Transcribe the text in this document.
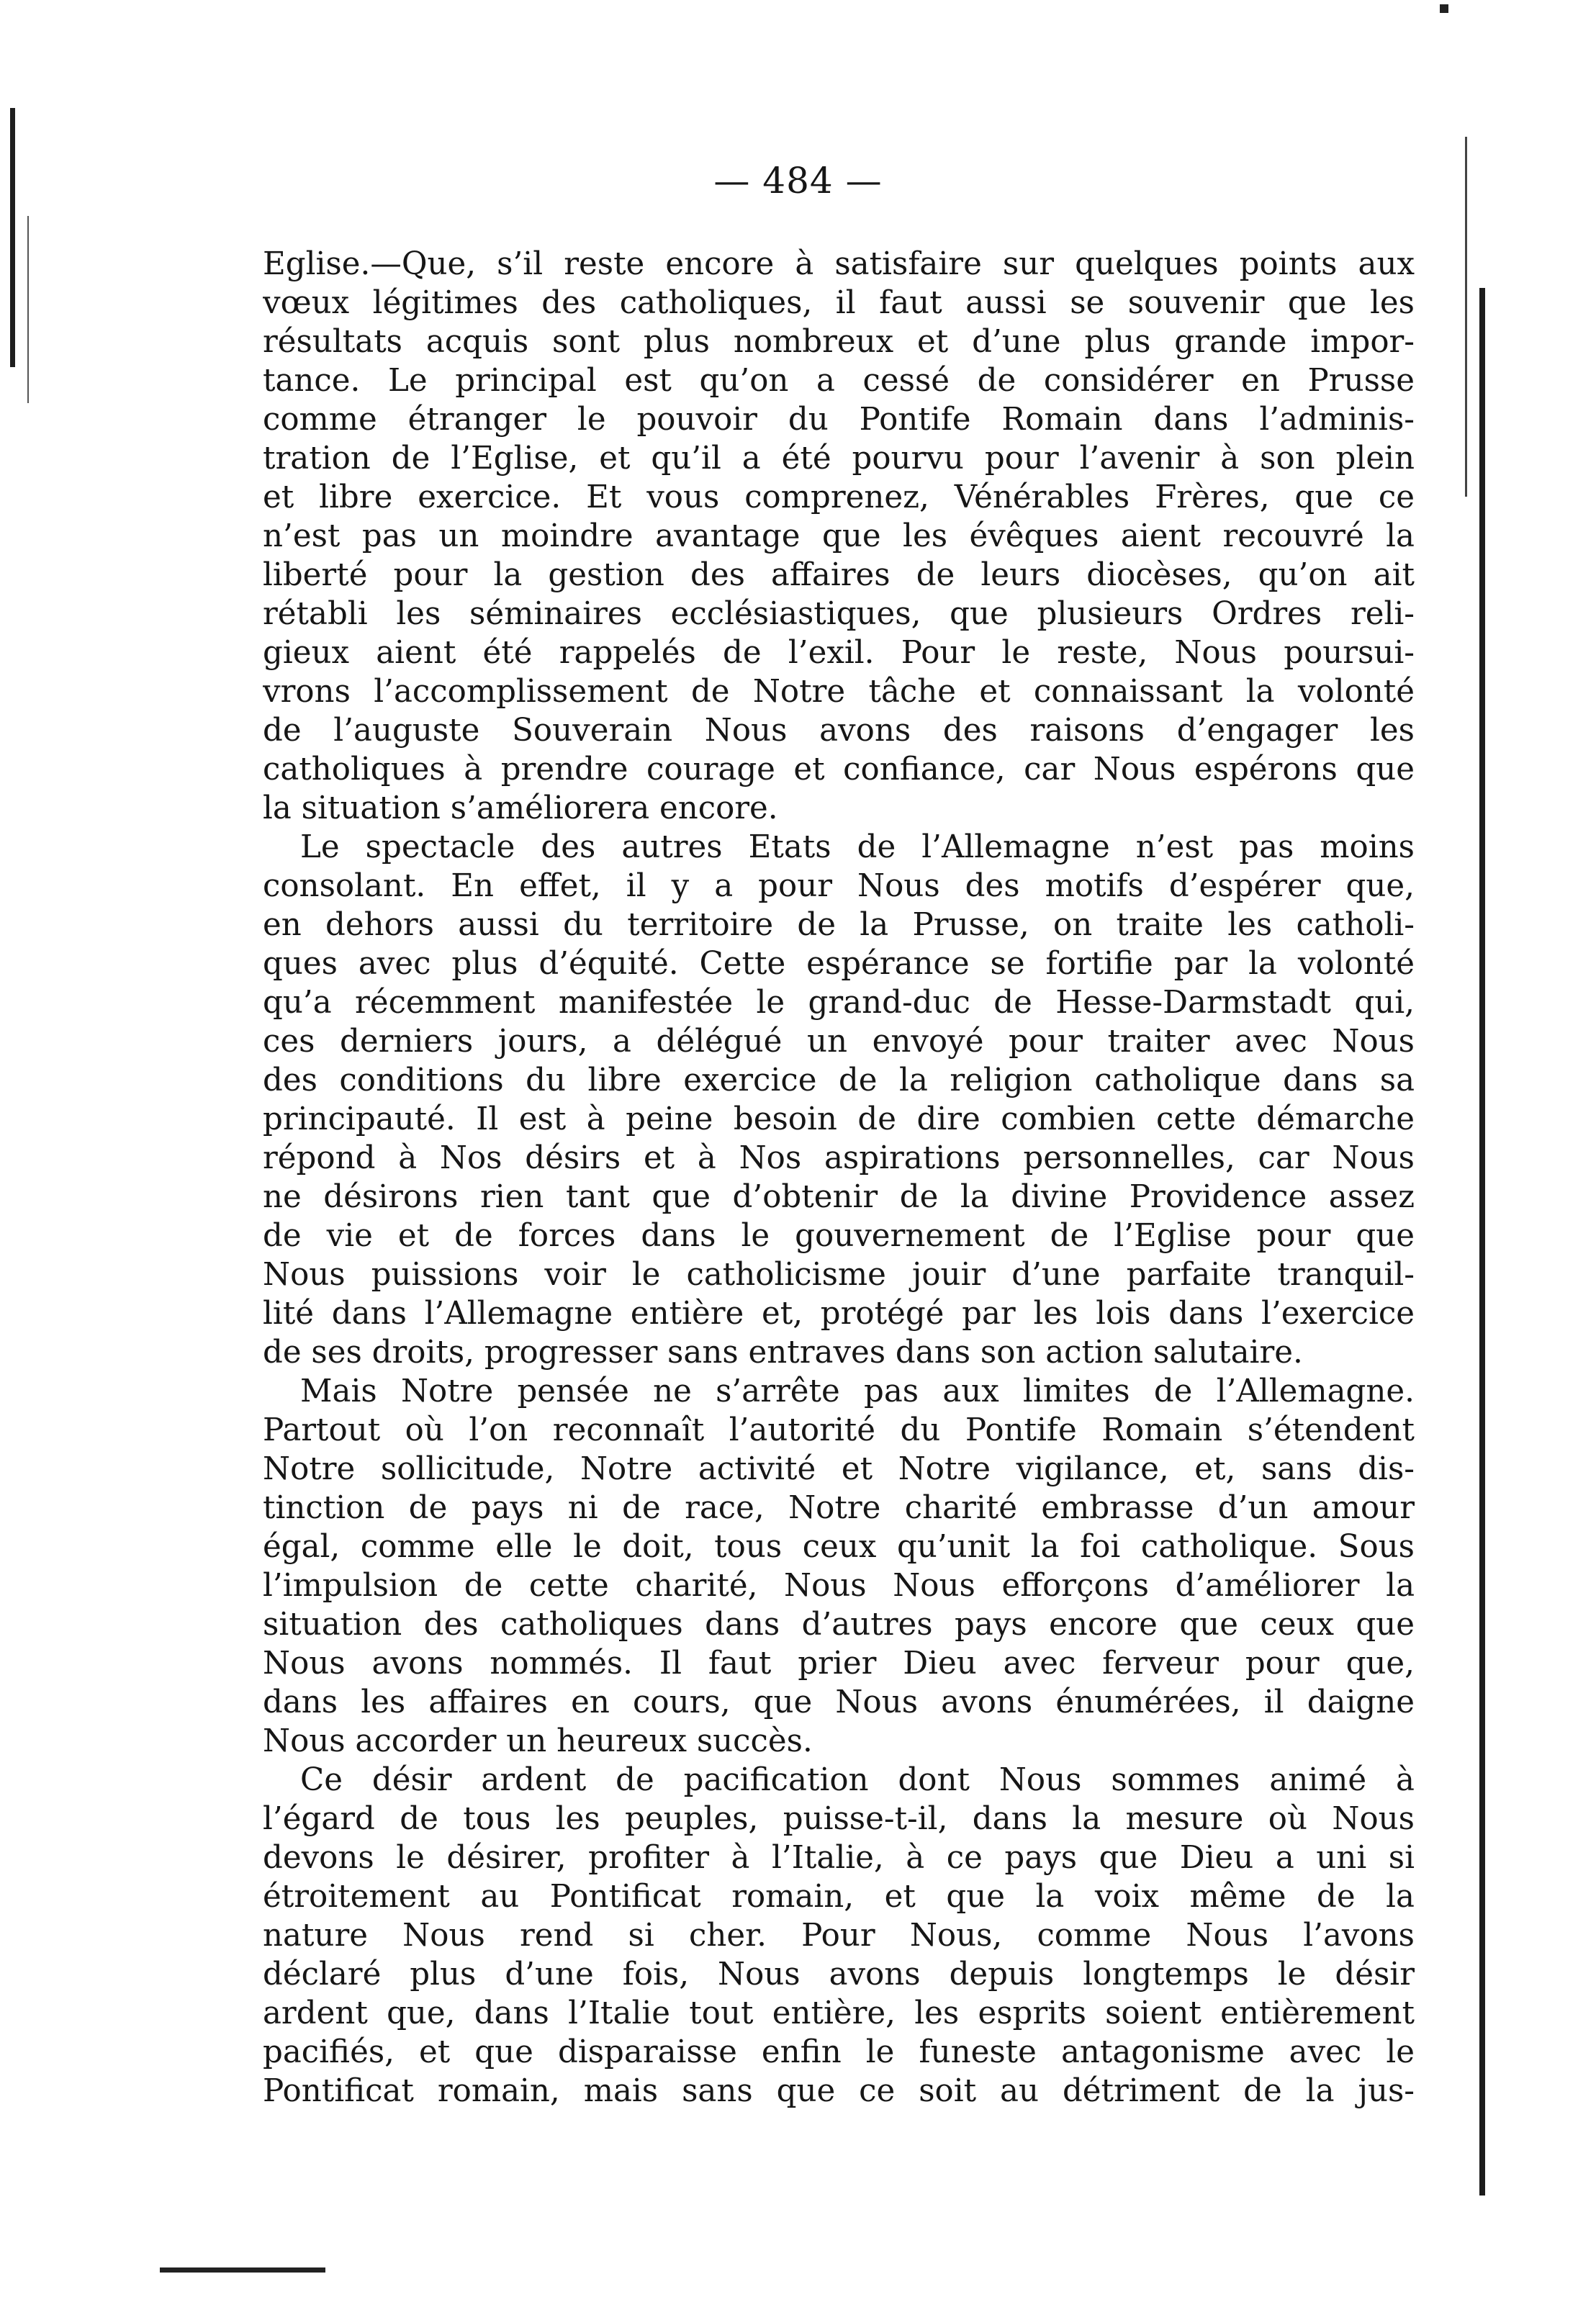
— 484 —
Eglise.—Que, s’il reste encore à satisfaire sur quelques points aux
vœux légitimes des catholiques, il faut aussi se souvenir que les
résultats acquis sont plus nombreux et d’une plus grande impor-
tance. Le principal est qu’on a cessé de considérer en Prusse
comme étranger le pouvoir du Pontife Romain dans l’adminis-
tration de l’Eglise, et qu’il a été pourvu pour l’avenir à son plein
et libre exercice. Et vous comprenez, Vénérables Frères, que ce
n’est pas un moindre avantage que les évêques aient recouvré la
liberté pour la gestion des affaires de leurs diocèses, qu’on ait
rétabli les séminaires ecclésiastiques, que plusieurs Ordres reli-
gieux aient été rappelés de l’exil. Pour le reste, Nous poursui-
vrons l’accomplissement de Notre tâche et connaissant la volonté
de l’auguste Souverain Nous avons des raisons d’engager les
catholiques à prendre courage et confiance, car Nous espérons que
la situation s’améliorera encore.
Le spectacle des autres Etats de l’Allemagne n’est pas moins
consolant. En effet, il y a pour Nous des motifs d’espérer que,
en dehors aussi du territoire de la Prusse, on traite les catholi-
ques avec plus d’équité. Cette espérance se fortifie par la volonté
qu’a récemment manifestée le grand-duc de Hesse-Darmstadt qui,
ces derniers jours, a délégué un envoyé pour traiter avec Nous
des conditions du libre exercice de la religion catholique dans sa
principauté. Il est à peine besoin de dire combien cette démarche
répond à Nos désirs et à Nos aspirations personnelles, car Nous
ne désirons rien tant que d’obtenir de la divine Providence assez
de vie et de forces dans le gouvernement de l’Eglise pour que
Nous puissions voir le catholicisme jouir d’une parfaite tranquil-
lité dans l’Allemagne entière et, protégé par les lois dans l’exercice
de ses droits, progresser sans entraves dans son action salutaire.
Mais Notre pensée ne s’arrête pas aux limites de l’Allemagne.
Partout où l’on reconnaît l’autorité du Pontife Romain s’étendent
Notre sollicitude, Notre activité et Notre vigilance, et, sans dis-
tinction de pays ni de race, Notre charité embrasse d’un amour
égal, comme elle le doit, tous ceux qu’unit la foi catholique. Sous
l’impulsion de cette charité, Nous Nous efforçons d’améliorer la
situation des catholiques dans d’autres pays encore que ceux que
Nous avons nommés. Il faut prier Dieu avec ferveur pour que,
dans les affaires en cours, que Nous avons énumérées, il daigne
Nous accorder un heureux succès.
Ce désir ardent de pacification dont Nous sommes animé à
l’égard de tous les peuples, puisse-t-il, dans la mesure où Nous
devons le désirer, profiter à l’Italie, à ce pays que Dieu a uni si
étroitement au Pontificat romain, et que la voix même de la
nature Nous rend si cher. Pour Nous, comme Nous l’avons
déclaré plus d’une fois, Nous avons depuis longtemps le désir
ardent que, dans l’Italie tout entière, les esprits soient entièrement
pacifiés, et que disparaisse enfin le funeste antagonisme avec le
Pontificat romain, mais sans que ce soit au détriment de la jus-
